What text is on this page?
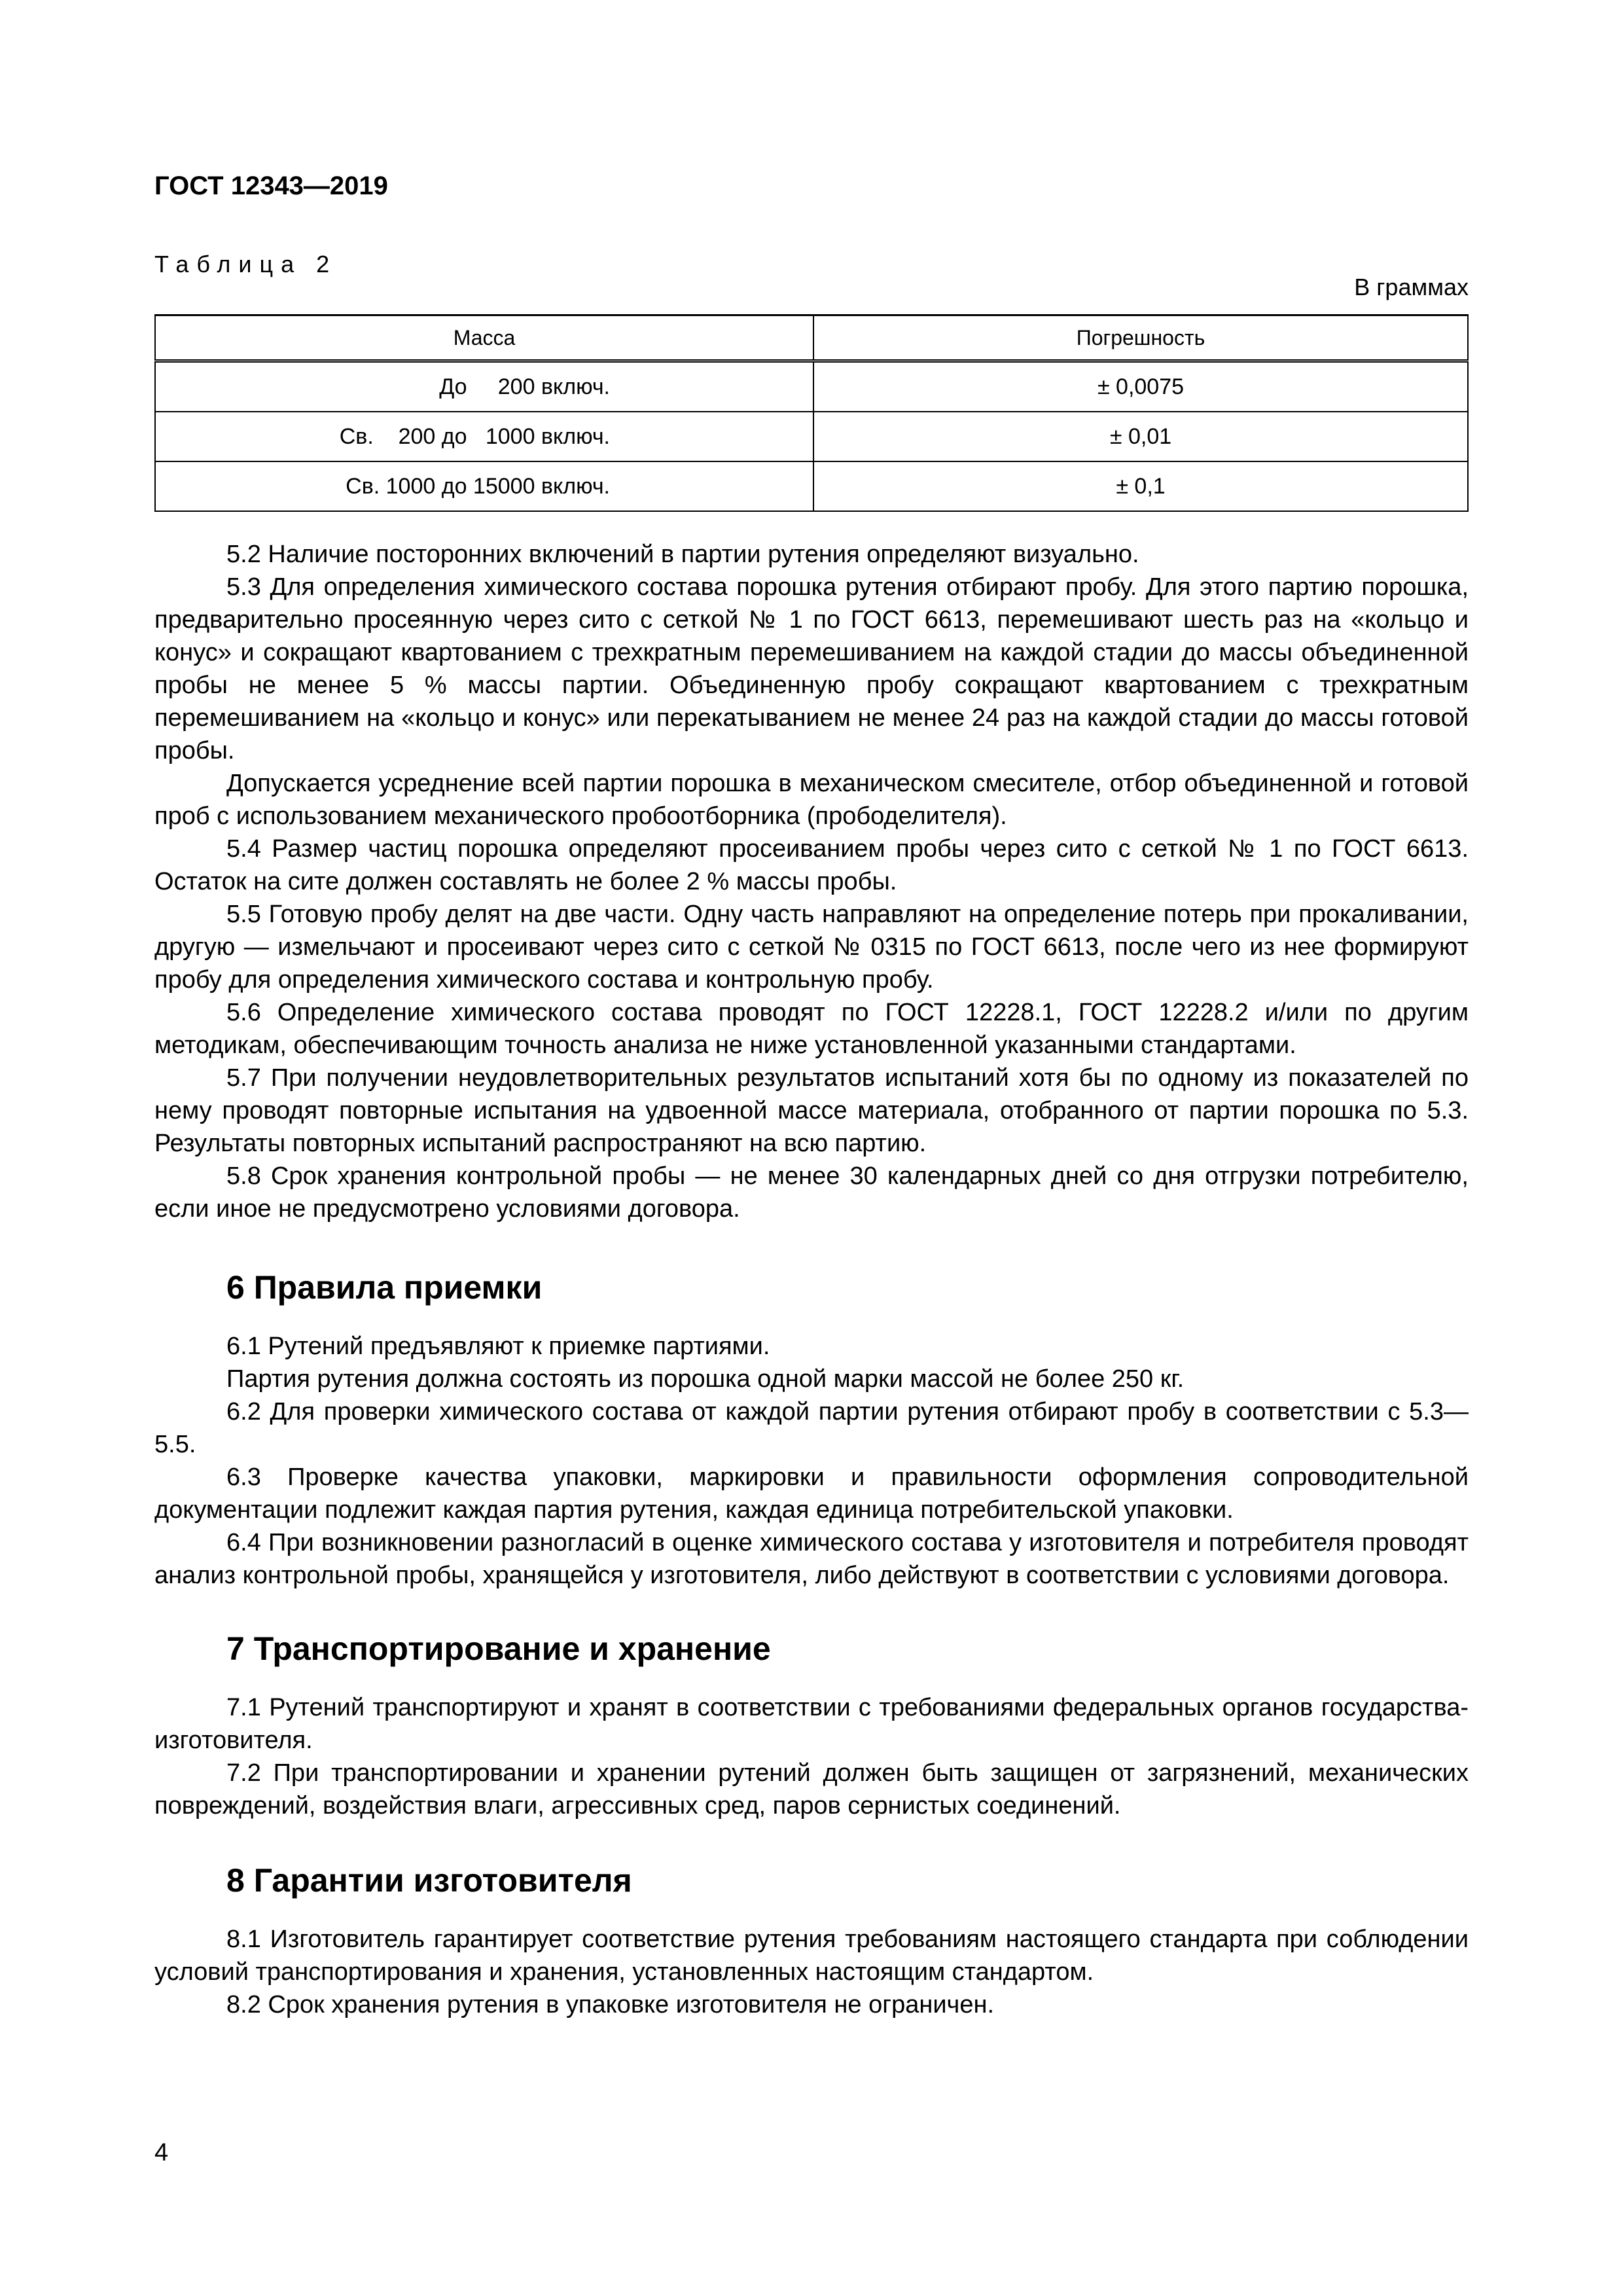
ГОСТ 12343—2019
Таблица 2
В граммах
Масса	Погрешность
До     200 включ.	± 0,0075
Св.    200 до   1000 включ.	± 0,01
Св. 1000 до 15000 включ.	± 0,1

5.2 Наличие посторонних включений в партии рутения определяют визуально.

5.3 Для определения химического состава порошка рутения отбирают пробу. Для этого партию порошка, предварительно просеянную через сито с сеткой № 1 по ГОСТ 6613, перемешивают шесть раз на «кольцо и конус» и сокращают квартованием с трехкратным перемешиванием на каждой стадии до массы объединенной пробы не менее 5 % массы партии. Объединенную пробу сокращают квартованием с трехкратным перемешиванием на «кольцо и конус» или перекатыванием не менее 24 раз на каждой стадии до массы готовой пробы.

Допускается усреднение всей партии порошка в механическом смесителе, отбор объединенной и готовой проб с использованием механического пробоотборника (прободелителя).

5.4 Размер частиц порошка определяют просеиванием пробы через сито с сеткой № 1 по ГОСТ 6613. Остаток на сите должен составлять не более 2 % массы пробы.

5.5 Готовую пробу делят на две части. Одну часть направляют на определение потерь при прокаливании, другую — измельчают и просеивают через сито с сеткой № 0315 по ГОСТ 6613, после чего из нее формируют пробу для определения химического состава и контрольную пробу.

5.6 Определение химического состава проводят по ГОСТ 12228.1, ГОСТ 12228.2 и/или по другим методикам, обеспечивающим точность анализа не ниже установленной указанными стандартами.

5.7 При получении неудовлетворительных результатов испытаний хотя бы по одному из показателей по нему проводят повторные испытания на удвоенной массе материала, отобранного от партии порошка по 5.3. Результаты повторных испытаний распространяют на всю партию.

5.8 Срок хранения контрольной пробы — не менее 30 календарных дней со дня отгрузки потребителю, если иное не предусмотрено условиями договора.

6 Правила приемки

6.1 Рутений предъявляют к приемке партиями.

Партия рутения должна состоять из порошка одной марки массой не более 250 кг.

6.2 Для проверки химического состава от каждой партии рутения отбирают пробу в соответствии с 5.3—5.5.

6.3 Проверке качества упаковки, маркировки и правильности оформления сопроводительной документации подлежит каждая партия рутения, каждая единица потребительской упаковки.

6.4 При возникновении разногласий в оценке химического состава у изготовителя и потребителя проводят анализ контрольной пробы, хранящейся у изготовителя, либо действуют в соответствии с условиями договора.

7 Транспортирование и хранение

7.1 Рутений транспортируют и хранят в соответствии с требованиями федеральных органов государства-изготовителя.

7.2 При транспортировании и хранении рутений должен быть защищен от загрязнений, механических повреждений, воздействия влаги, агрессивных сред, паров сернистых соединений.

8 Гарантии изготовителя

8.1 Изготовитель гарантирует соответствие рутения требованиям настоящего стандарта при соблюдении условий транспортирования и хранения, установленных настоящим стандартом.

8.2 Срок хранения рутения в упаковке изготовителя не ограничен.

4
